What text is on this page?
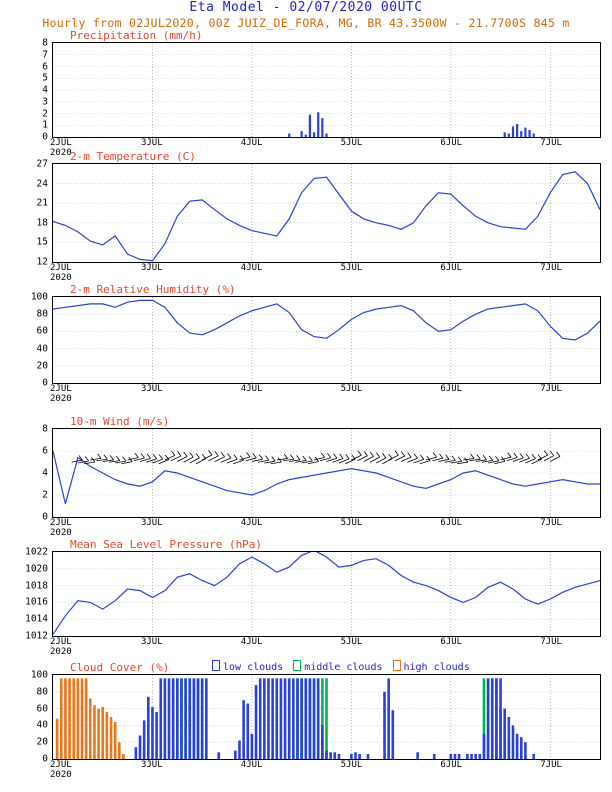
Eta Model - 02/07/2020 00UTC
Hourly from 02JUL2020, 00Z JUIZ_DE_FORA, MG, BR 43.3500W - 21.7700S 845 m
Precipitation (mm/h)
0
1
2
3
4
5
6
7
8
2JUL
2020
3JUL	4JUL	5JUL	6JUL	7JUL
2-m Temperature (C)
12
15
18
21
24
27
2JUL
2020
3JUL	4JUL	5JUL	6JUL	7JUL
2-m Relative Humidity (%)
0
20
40
60
80
100
2JUL
2020
3JUL	4JUL	5JUL	6JUL	7JUL
10-m Wind (m/s)
0
2
4
6
8
2JUL
2020
3JUL	4JUL	5JUL	6JUL	7JUL
Mean Sea Level Pressure (hPa)
1012
1014
1016
1018
1020
1022
2JUL
2020
3JUL	4JUL	5JUL	6JUL	7JUL
Cloud Cover (%)	low clouds middle clouds high clouds
0
20
40
60
80
100
2JUL
2020
3JUL	4JUL	5JUL	6JUL	7JUL
